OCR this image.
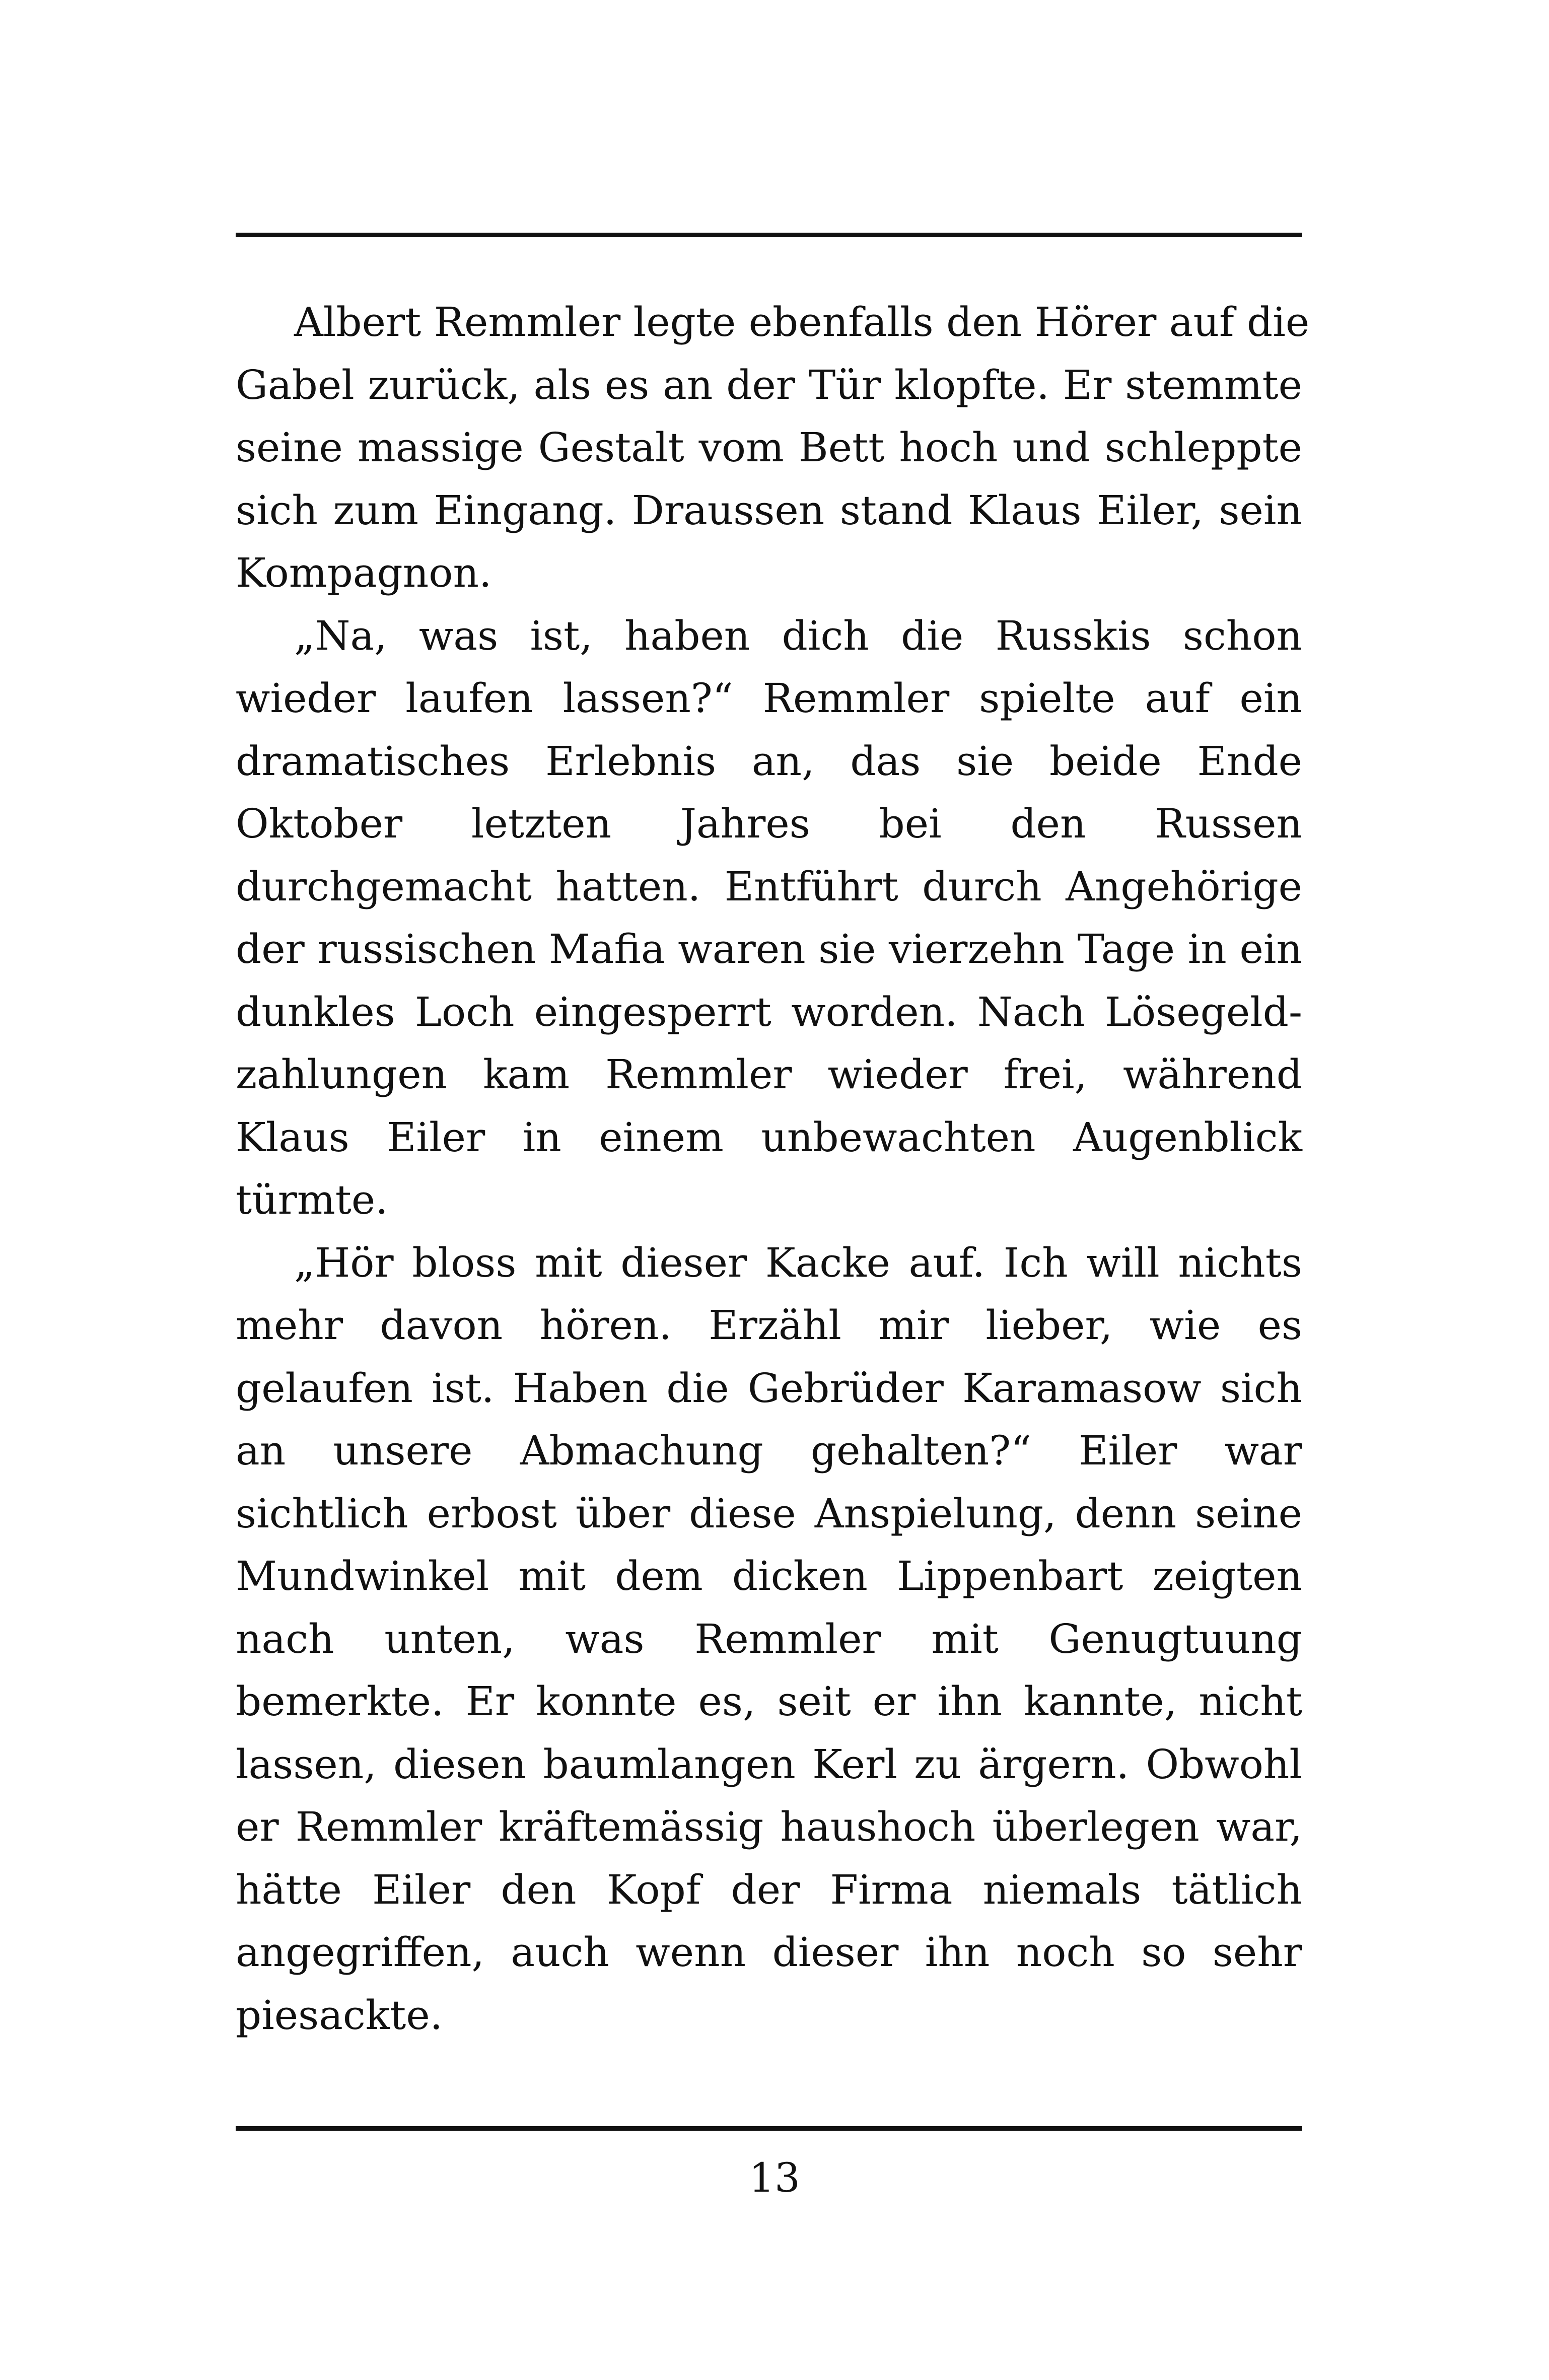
Albert Remmler legte ebenfalls den Hörer auf die
Gabel zurück, als es an der Tür klopfte. Er stemmte
seine massige Gestalt vom Bett hoch und schleppte
sich zum Eingang. Draussen stand Klaus Eiler, sein
Kompagnon.
„Na, was ist, haben dich die Russkis schon
wieder laufen lassen?“ Remmler spielte auf ein
dramatisches Erlebnis an, das sie beide Ende
Oktober letzten Jahres bei den Russen
durchgemacht hatten. Entführt durch Angehörige
der russischen Mafia waren sie vierzehn Tage in ein
dunkles Loch eingesperrt worden. Nach Lösegeld-
zahlungen kam Remmler wieder frei, während
Klaus Eiler in einem unbewachten Augenblick
türmte.
„Hör bloss mit dieser Kacke auf. Ich will nichts
mehr davon hören. Erzähl mir lieber, wie es
gelaufen ist. Haben die Gebrüder Karamasow sich
an unsere Abmachung gehalten?“ Eiler war
sichtlich erbost über diese Anspielung, denn seine
Mundwinkel mit dem dicken Lippenbart zeigten
nach unten, was Remmler mit Genugtuung
bemerkte. Er konnte es, seit er ihn kannte, nicht
lassen, diesen baumlangen Kerl zu ärgern. Obwohl
er Remmler kräftemässig haushoch überlegen war,
hätte Eiler den Kopf der Firma niemals tätlich
angegriffen, auch wenn dieser ihn noch so sehr
piesackte.
13
